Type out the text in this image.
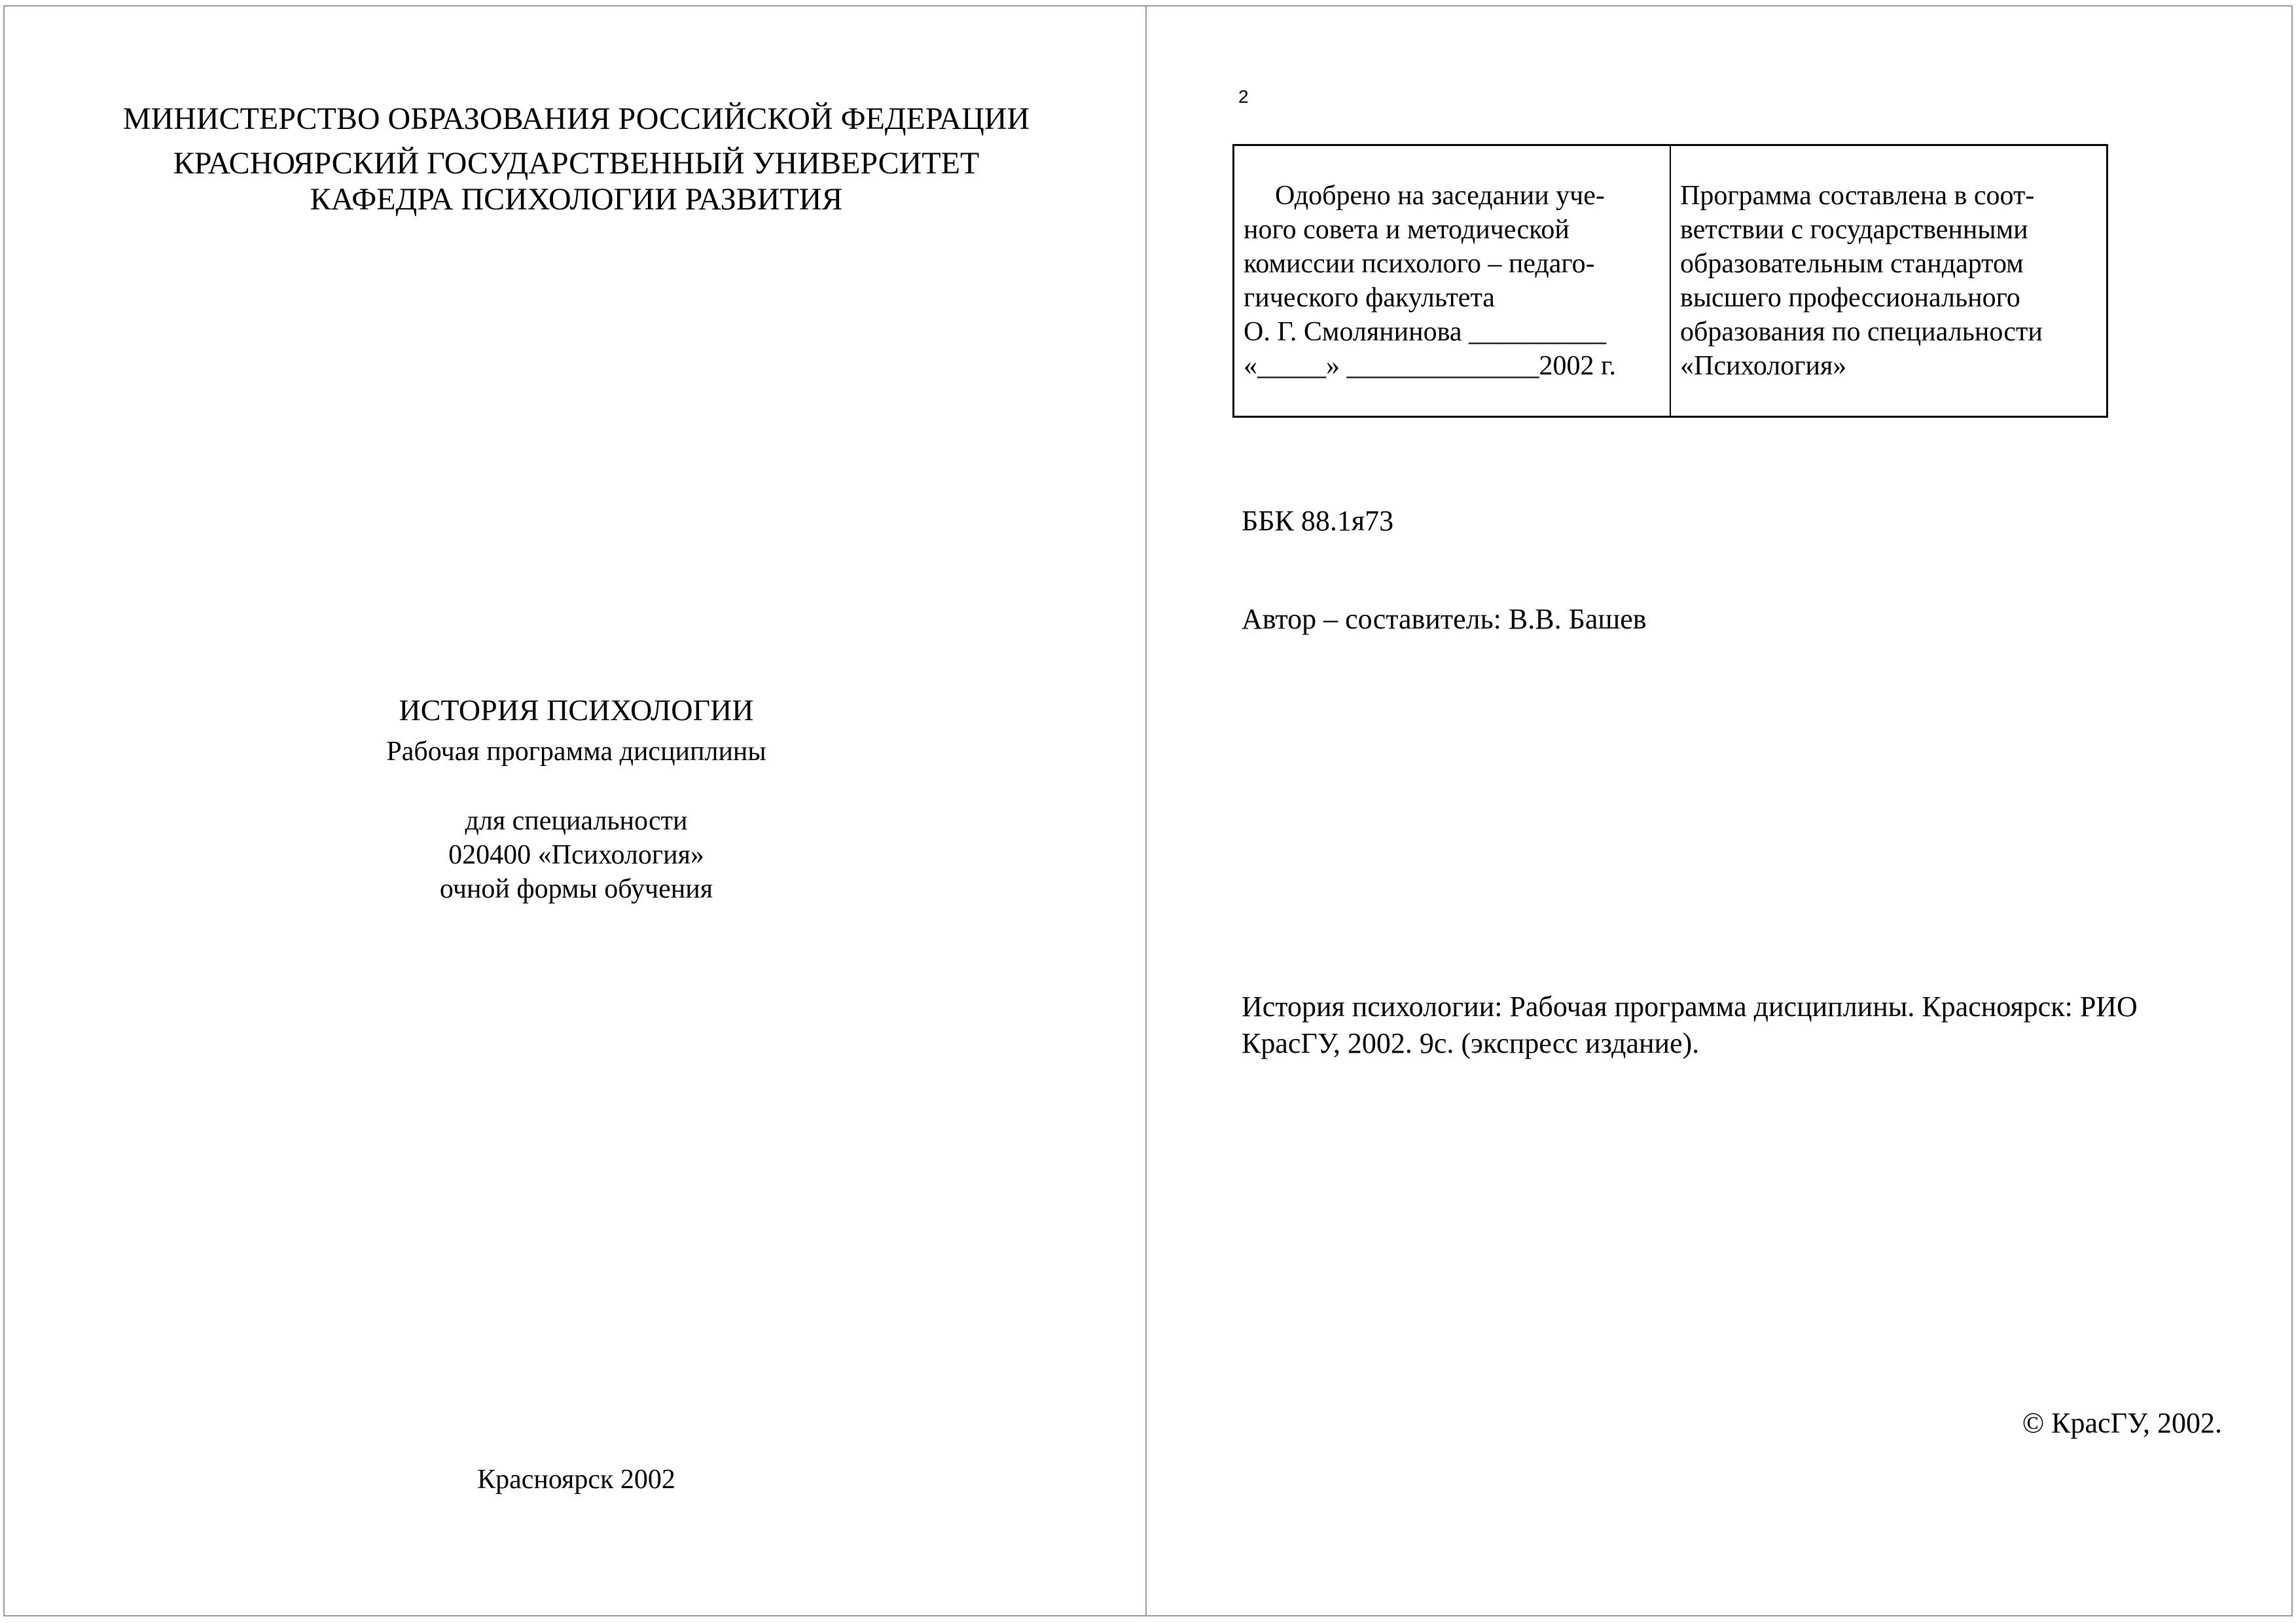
МИНИСТЕРСТВО ОБРАЗОВАНИЯ РОССИЙСКОЙ ФЕДЕРАЦИИ
КРАСНОЯРСКИЙ ГОСУДАРСТВЕННЫЙ УНИВЕРСИТЕТ
КАФЕДРА ПСИХОЛОГИИ РАЗВИТИЯ
ИСТОРИЯ ПСИХОЛОГИИ
Рабочая программа дисциплины
для специальности
020400 «Психология»
очной формы обучения
Красноярск 2002
2
Одобрено на заседании уче-
ного совета и методической
комиссии психолого – педаго-
гического факультета
О. Г. Смолянинова __________
«_____» ______________2002 г.
Программа составлена в соот-
ветствии с государственными
образовательным стандартом
высшего профессионального
образования по специальности
«Психология»
ББК 88.1я73
Автор – составитель: В.В. Башев
История психологии: Рабочая программа дисциплины. Красноярск: РИО
КрасГУ, 2002. 9с. (экспресс издание).
© КрасГУ, 2002.
